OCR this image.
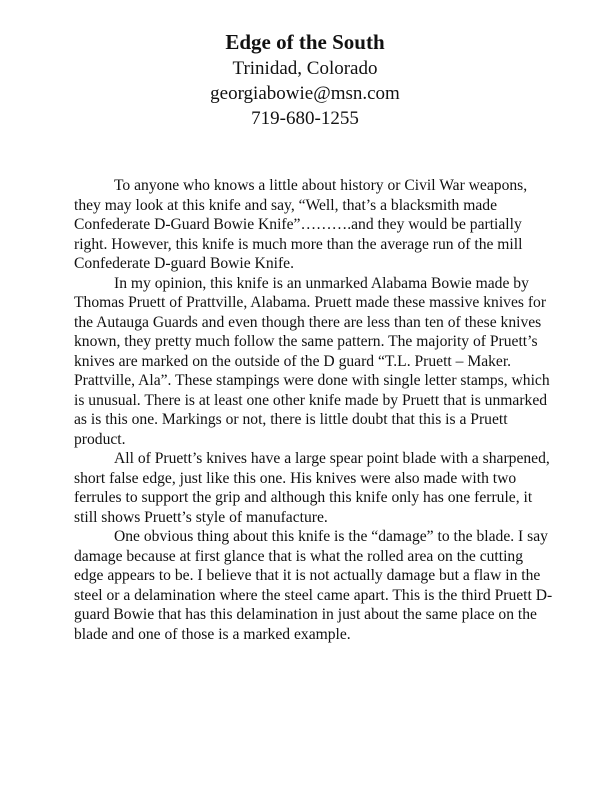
Edge of the South
Trinidad, Colorado
georgiabowie@msn.com
719-680-1255

To anyone who knows a little about history or Civil War weapons, they may look at this knife and say, “Well, that’s a blacksmith made Confederate D-Guard Bowie Knife”……….and they would be partially right. However, this knife is much more than the average run of the mill Confederate D-guard Bowie Knife.

In my opinion, this knife is an unmarked Alabama Bowie made by Thomas Pruett of Prattville, Alabama. Pruett made these massive knives for the Autauga Guards and even though there are less than ten of these knives known, they pretty much follow the same pattern. The majority of Pruett’s knives are marked on the outside of the D guard “T.L. Pruett – Maker. Prattville, Ala”. These stampings were done with single letter stamps, which is unusual. There is at least one other knife made by Pruett that is unmarked as is this one. Markings or not, there is little doubt that this is a Pruett product.

All of Pruett’s knives have a large spear point blade with a sharpened, short false edge, just like this one. His knives were also made with two ferrules to support the grip and although this knife only has one ferrule, it still shows Pruett’s style of manufacture.

One obvious thing about this knife is the “damage” to the blade. I say damage because at first glance that is what the rolled area on the cutting edge appears to be. I believe that it is not actually damage but a flaw in the steel or a delamination where the steel came apart. This is the third Pruett D-guard Bowie that has this delamination in just about the same place on the blade and one of those is a marked example.
